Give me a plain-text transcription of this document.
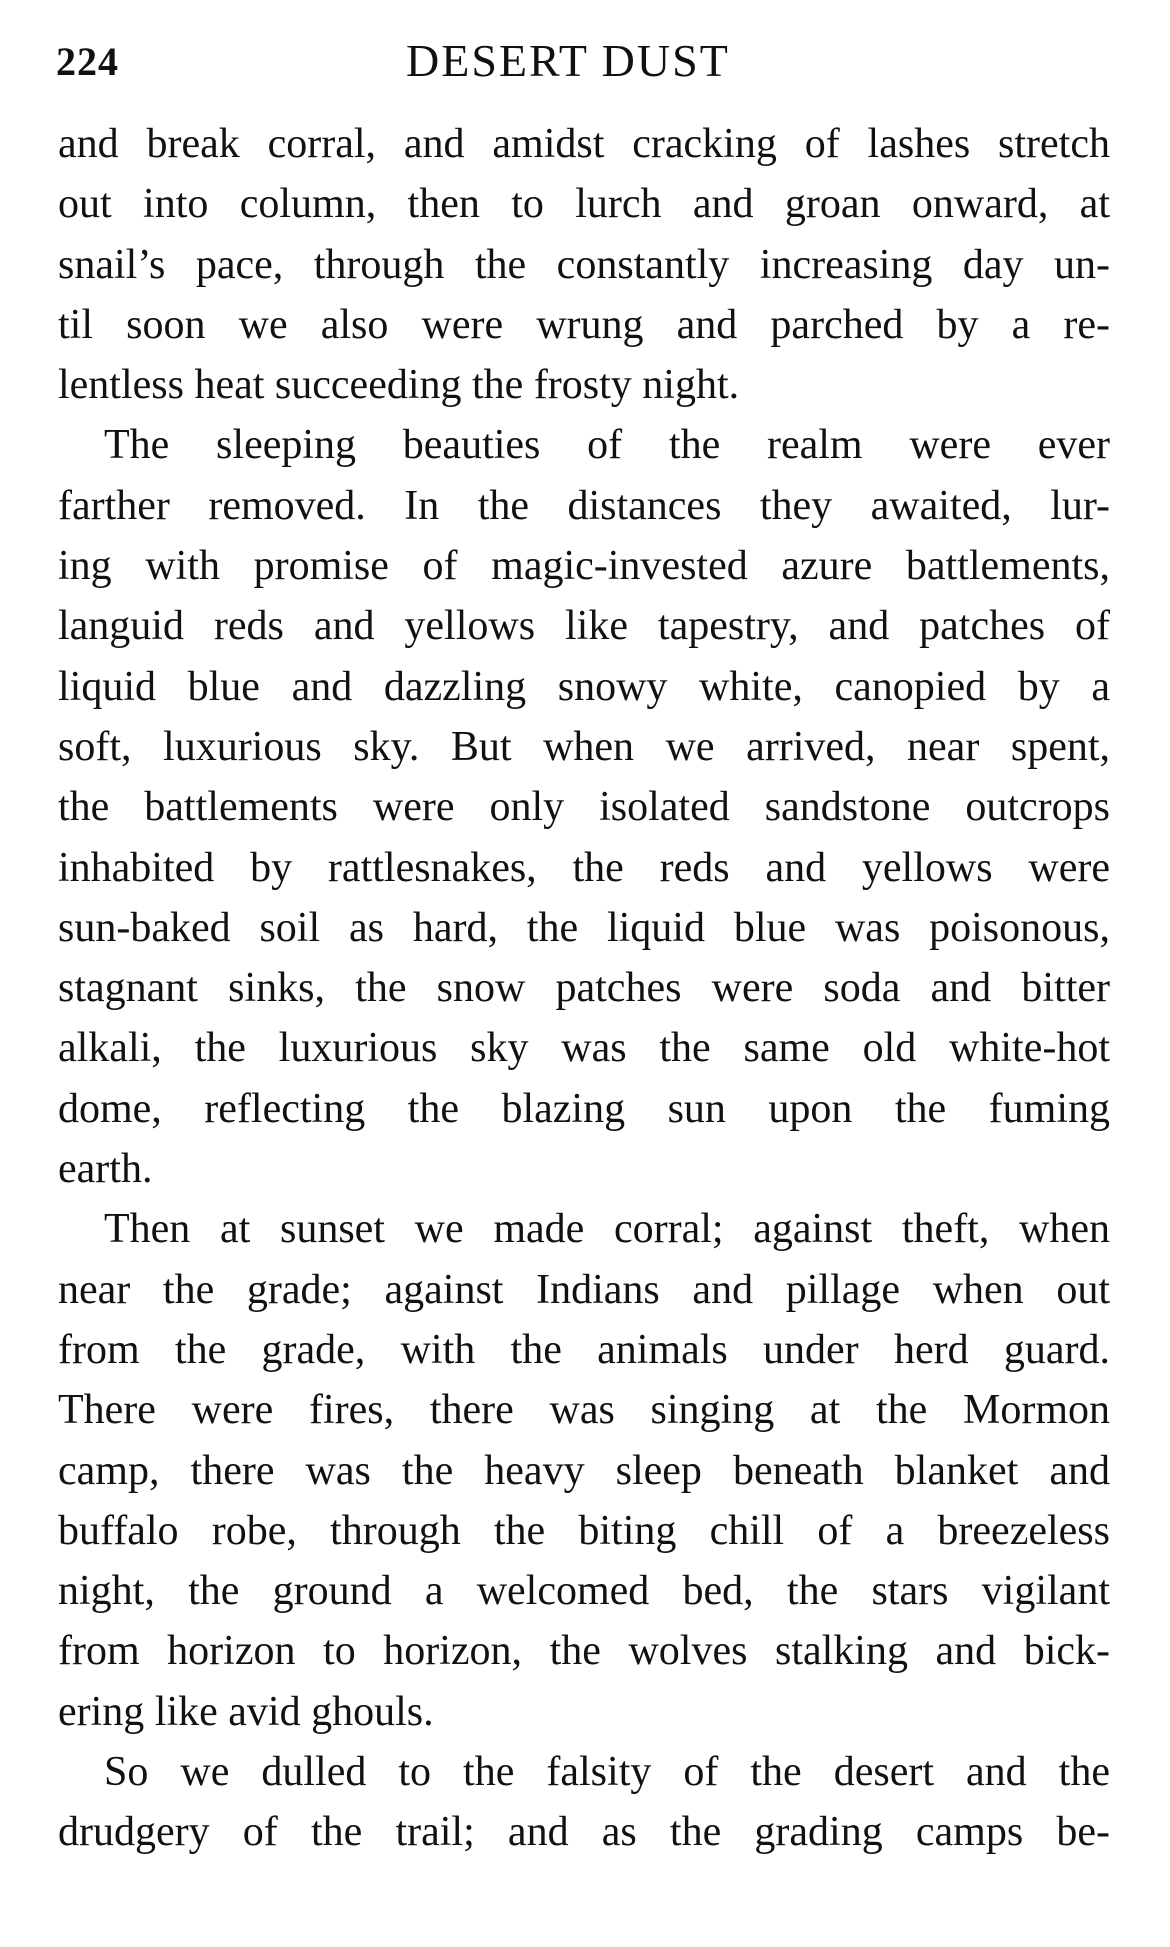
224	DESERT DUST

and break corral, and amidst cracking of lashes stretch
out into column, then to lurch and groan onward, at
snail’s pace, through the constantly increasing day un-
til soon we also were wrung and parched by a re-
lentless heat succeeding the frosty night.

The sleeping beauties of the realm were ever
farther removed. In the distances they awaited, lur-
ing with promise of magic-invested azure battlements,
languid reds and yellows like tapestry, and patches of
liquid blue and dazzling snowy white, canopied by a
soft, luxurious sky. But when we arrived, near spent,
the battlements were only isolated sandstone outcrops
inhabited by rattlesnakes, the reds and yellows were
sun-baked soil as hard, the liquid blue was poisonous,
stagnant sinks, the snow patches were soda and bitter
alkali, the luxurious sky was the same old white-hot
dome, reflecting the blazing sun upon the fuming
earth.

Then at sunset we made corral; against theft, when
near the grade; against Indians and pillage when out
from the grade, with the animals under herd guard.
There were fires, there was singing at the Mormon
camp, there was the heavy sleep beneath blanket and
buffalo robe, through the biting chill of a breezeless
night, the ground a welcomed bed, the stars vigilant
from horizon to horizon, the wolves stalking and bick-
ering like avid ghouls.

So we dulled to the falsity of the desert and the
drudgery of the trail; and as the grading camps be-
